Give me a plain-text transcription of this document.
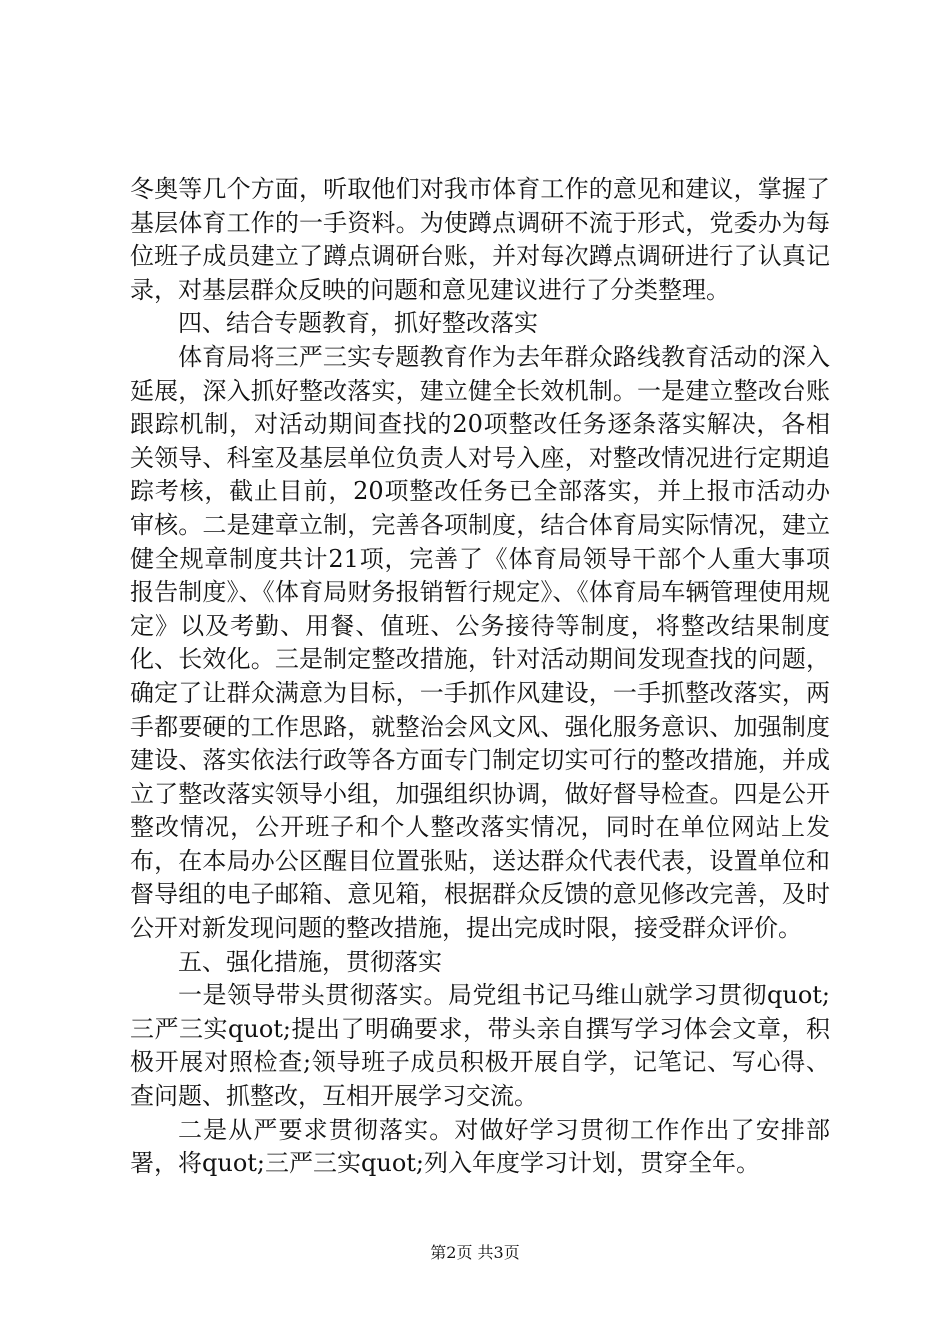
冬奥等几个方面，听取他们对我市体育工作的意见和建议，掌握了基层体育工作的一手资料。为使蹲点调研不流于形式，党委办为每位班子成员建立了蹲点调研台账，并对每次蹲点调研进行了认真记录，对基层群众反映的问题和意见建议进行了分类整理。

四、结合专题教育，抓好整改落实

体育局将三严三实专题教育作为去年群众路线教育活动的深入延展，深入抓好整改落实，建立健全长效机制。一是建立整改台账跟踪机制，对活动期间查找的20项整改任务逐条落实解决，各相关领导、科室及基层单位负责人对号入座，对整改情况进行定期追踪考核，截止目前，20项整改任务已全部落实，并上报市活动办审核。二是建章立制，完善各项制度，结合体育局实际情况，建立健全规章制度共计21项，完善了《体育局领导干部个人重大事项报告制度》、《体育局财务报销暂行规定》、《体育局车辆管理使用规定》以及考勤、用餐、值班、公务接待等制度，将整改结果制度化、长效化。三是制定整改措施，针对活动期间发现查找的问题，确定了让群众满意为目标，一手抓作风建设，一手抓整改落实，两手都要硬的工作思路，就整治会风文风、强化服务意识、加强制度建设、落实依法行政等各方面专门制定切实可行的整改措施，并成立了整改落实领导小组，加强组织协调，做好督导检查。四是公开整改情况，公开班子和个人整改落实情况，同时在单位网站上发布，在本局办公区醒目位置张贴，送达群众代表代表，设置单位和督导组的电子邮箱、意见箱，根据群众反馈的意见修改完善，及时公开对新发现问题的整改措施，提出完成时限，接受群众评价。

五、强化措施，贯彻落实

一是领导带头贯彻落实。局党组书记马维山就学习贯彻quot;三严三实quot;提出了明确要求，带头亲自撰写学习体会文章，积极开展对照检查;领导班子成员积极开展自学，记笔记、写心得、查问题、抓整改，互相开展学习交流。

二是从严要求贯彻落实。对做好学习贯彻工作作出了安排部署，将quot;三严三实quot;列入年度学习计划，贯穿全年。

第2页 共3页
